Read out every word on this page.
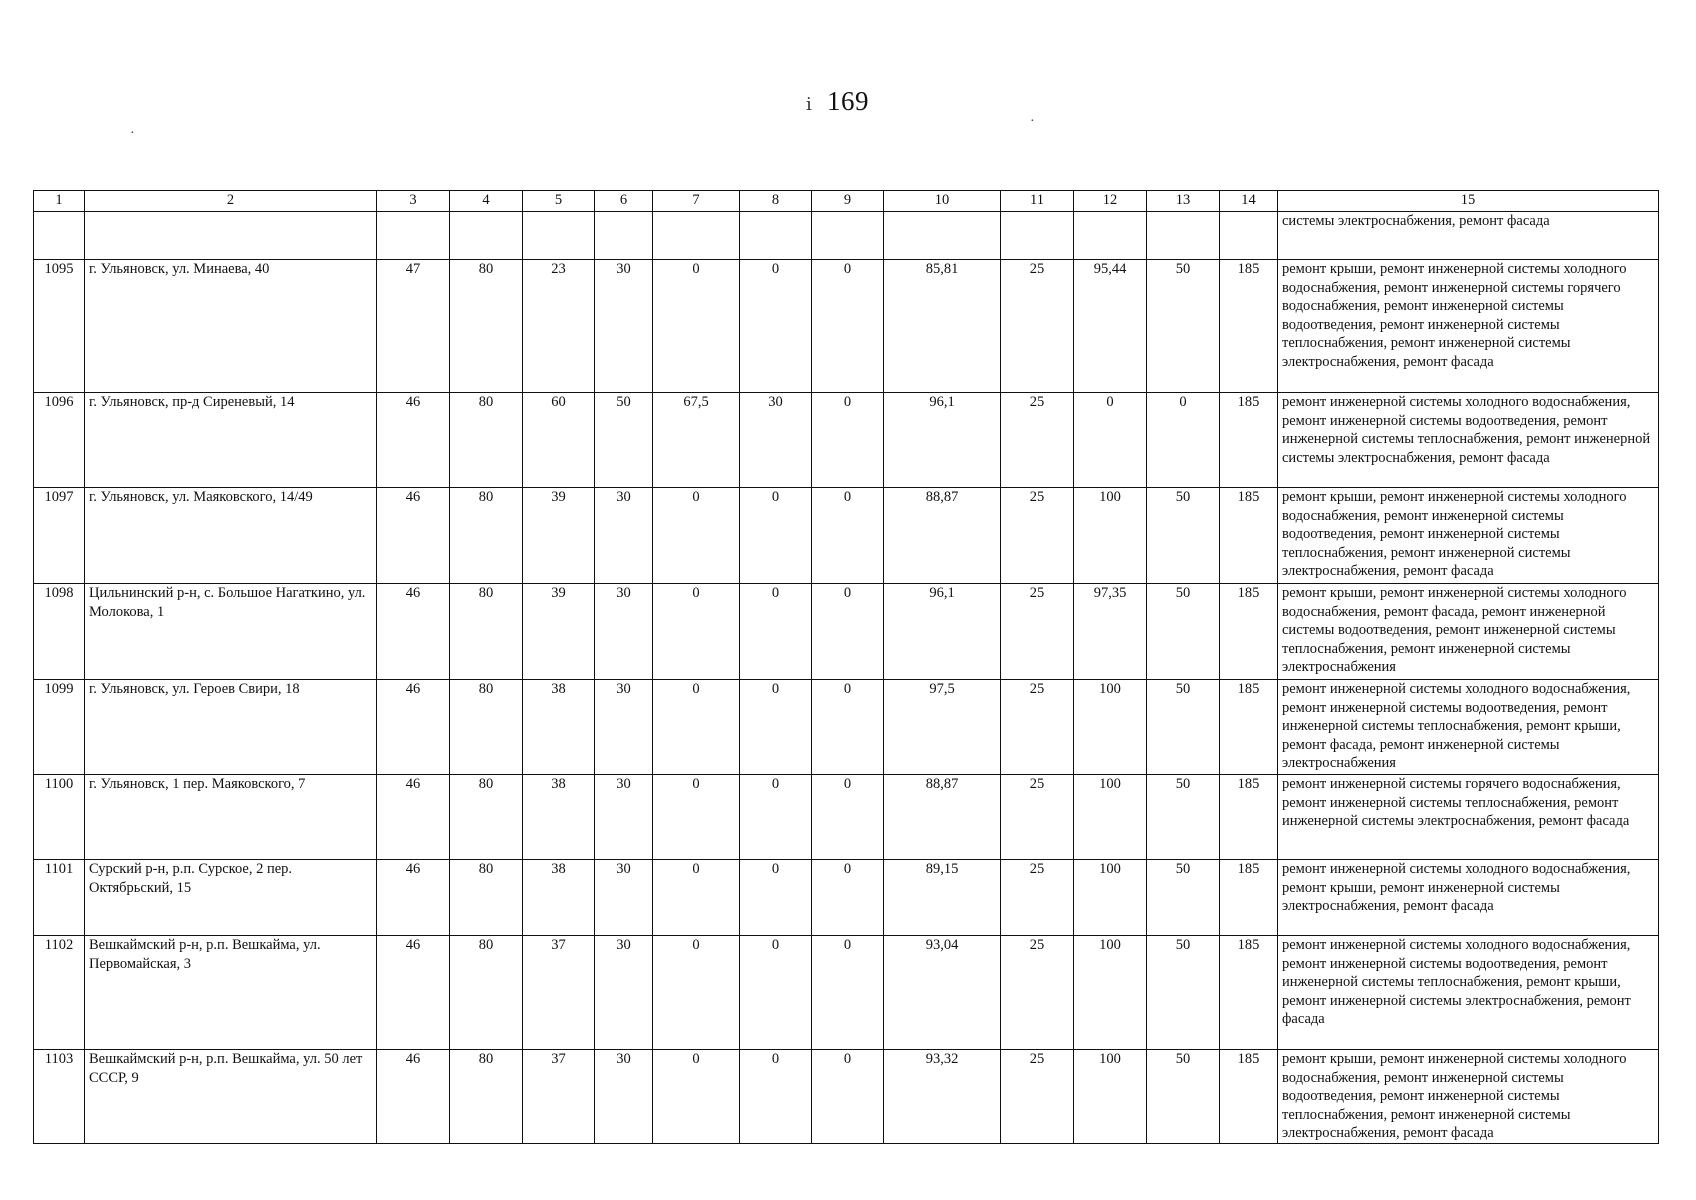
169
ⅰ
·
·
1	2	3	4	5	6	7	8	9	10	11	12	13	14	15
														системы электроснабжения, ремонт фасада
1095	г. Ульяновск, ул. Минаева, 40	47	80	23	30	0	0	0	85,81	25	95,44	50	185	ремонт крыши, ремонт инженерной системы холодного водоснабжения, ремонт инженерной системы горячего водоснабжения, ремонт инженерной системы водоотведения, ремонт инженерной системы теплоснабжения, ремонт инженерной системы электроснабжения, ремонт фасада
1096	г. Ульяновск, пр-д Сиреневый, 14	46	80	60	50	67,5	30	0	96,1	25	0	0	185	ремонт инженерной системы холодного водоснабжения, ремонт инженерной системы водоотведения, ремонт инженерной системы теплоснабжения, ремонт инженерной системы электроснабжения, ремонт фасада
1097	г. Ульяновск, ул. Маяковского, 14/49	46	80	39	30	0	0	0	88,87	25	100	50	185	ремонт крыши, ремонт инженерной системы холодного водоснабжения, ремонт инженерной системы водоотведения, ремонт инженерной системы теплоснабжения, ремонт инженерной системы электроснабжения, ремонт фасада
1098	Цильнинский р-н, с. Большое Нагаткино, ул. Молокова, 1	46	80	39	30	0	0	0	96,1	25	97,35	50	185	ремонт крыши, ремонт инженерной системы холодного водоснабжения, ремонт фасада, ремонт инженерной системы водоотведения, ремонт инженерной системы теплоснабжения, ремонт инженерной системы электроснабжения
1099	г. Ульяновск, ул. Героев Свири, 18	46	80	38	30	0	0	0	97,5	25	100	50	185	ремонт инженерной системы холодного водоснабжения, ремонт инженерной системы водоотведения, ремонт инженерной системы теплоснабжения, ремонт крыши, ремонт фасада, ремонт инженерной системы электроснабжения
1100	г. Ульяновск, 1 пер. Маяковского, 7	46	80	38	30	0	0	0	88,87	25	100	50	185	ремонт инженерной системы горячего водоснабжения, ремонт инженерной системы теплоснабжения, ремонт инженерной системы электроснабжения, ремонт фасада
1101	Сурский р-н, р.п. Сурское, 2 пер. Октябрьский, 15	46	80	38	30	0	0	0	89,15	25	100	50	185	ремонт инженерной системы холодного водоснабжения, ремонт крыши, ремонт инженерной системы электроснабжения, ремонт фасада
1102	Вешкаймский р-н, р.п. Вешкайма, ул. Первомайская, 3	46	80	37	30	0	0	0	93,04	25	100	50	185	ремонт инженерной системы холодного водоснабжения, ремонт инженерной системы водоотведения, ремонт инженерной системы теплоснабжения, ремонт крыши, ремонт инженерной системы электроснабжения, ремонт фасада
1103	Вешкаймский р-н, р.п. Вешкайма, ул. 50 лет СССР, 9	46	80	37	30	0	0	0	93,32	25	100	50	185	ремонт крыши, ремонт инженерной системы холодного водоснабжения, ремонт инженерной системы водоотведения, ремонт инженерной системы теплоснабжения, ремонт инженерной системы электроснабжения, ремонт фасада
